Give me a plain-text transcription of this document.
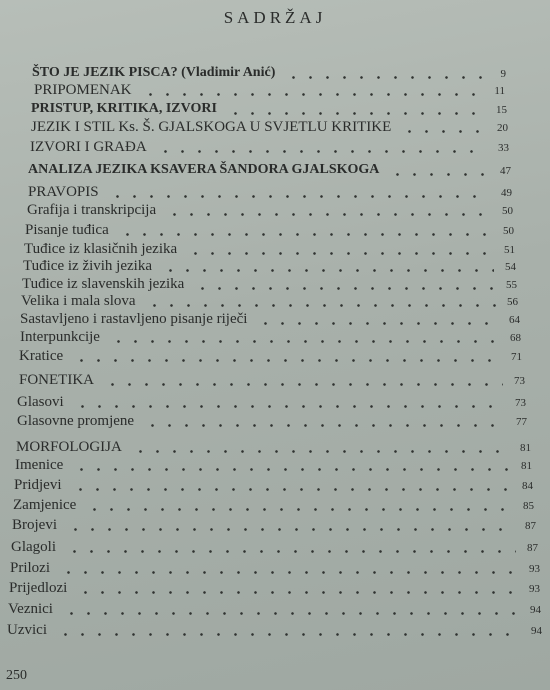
SADRŽAJ
ŠTO JE JEZIK PISCA? (Vladimir Anić)	9
PRIPOMENAK	11
PRISTUP, KRITIKA, IZVORI	15
JEZIK I STIL Ks. Š. GJALSKOGA U SVJETLU KRITIKE	20
IZVORI I GRAĐA	33
ANALIZA JEZIKA KSAVERA ŠANDORA GJALSKOGA	47
PRAVOPIS	49
Grafija i transkripcija	50
Pisanje tuđica	50
Tuđice iz klasičnih jezika	51
Tuđice iz živih jezika	54
Tuđice iz slavenskih jezika	55
Velika i mala slova	56
Sastavljeno i rastavljeno pisanje riječi	64
Interpunkcije	68
Kratice	71
FONETIKA	73
Glasovi	73
Glasovne promjene	77
MORFOLOGIJA	81
Imenice	81
Pridjevi	84
Zamjenice	85
Brojevi	87
Glagoli	87
Prilozi	93
Prijedlozi	93
Veznici	94
Uzvici	94
250
